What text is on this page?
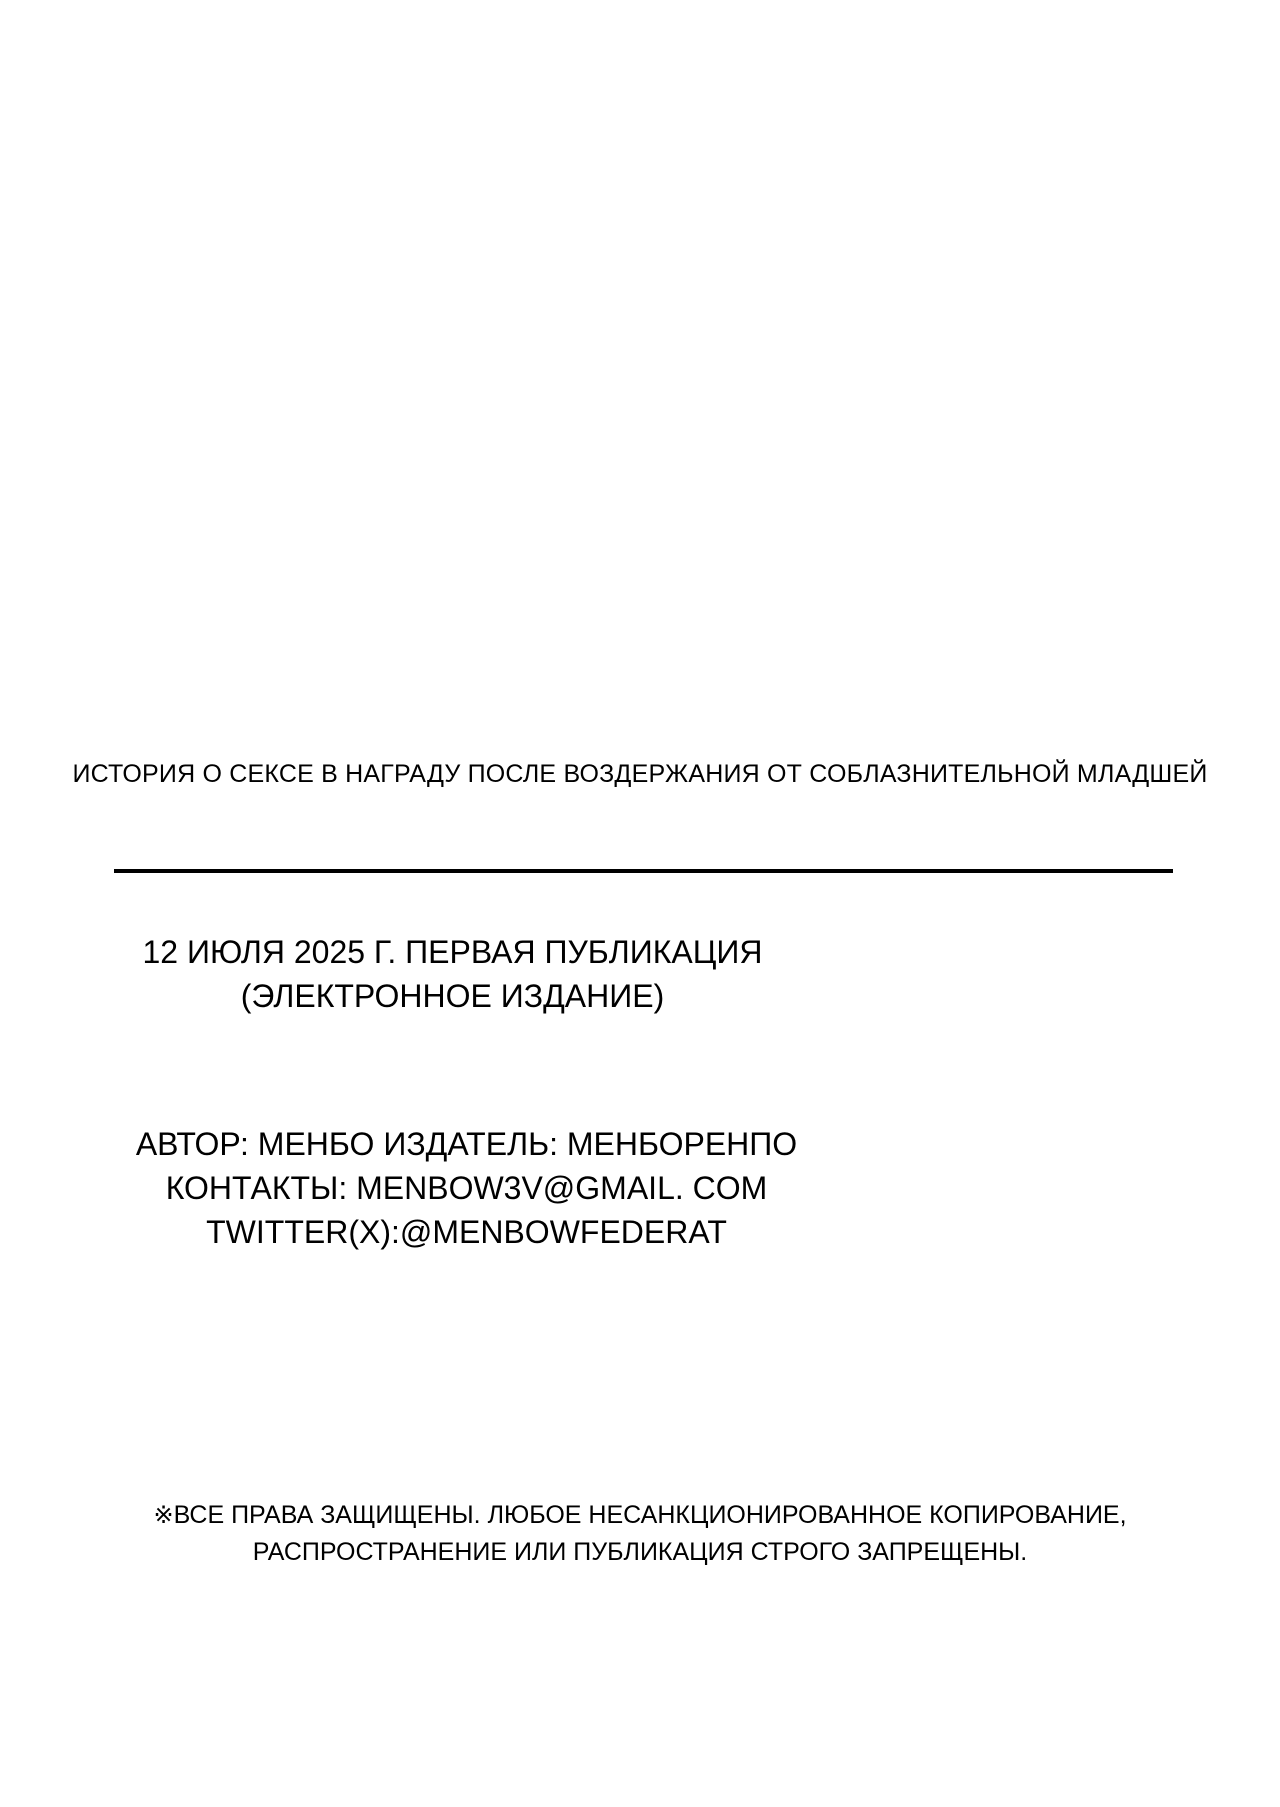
ИСТОРИЯ О СЕКСЕ В НАГРАДУ ПОСЛЕ ВОЗДЕРЖАНИЯ ОТ СОБЛАЗНИТЕЛЬНОЙ МЛАДШЕЙ
12 ИЮЛЯ 2025 Г. ПЕРВАЯ ПУБЛИКАЦИЯ
(ЭЛЕКТРОННОЕ ИЗДАНИЕ)
АВТОР: МЕНБО ИЗДАТЕЛЬ: МЕНБОРЕНПО
КОНТАКТЫ: MENBOW3V@GMAIL. COM
TWITTER(X):@MENBOWFEDERAT
※ВСЕ ПРАВА ЗАЩИЩЕНЫ. ЛЮБОЕ НЕСАНКЦИОНИРОВАННОЕ КОПИРОВАНИЕ,
РАСПРОСТРАНЕНИЕ ИЛИ ПУБЛИКАЦИЯ СТРОГО ЗАПРЕЩЕНЫ.
